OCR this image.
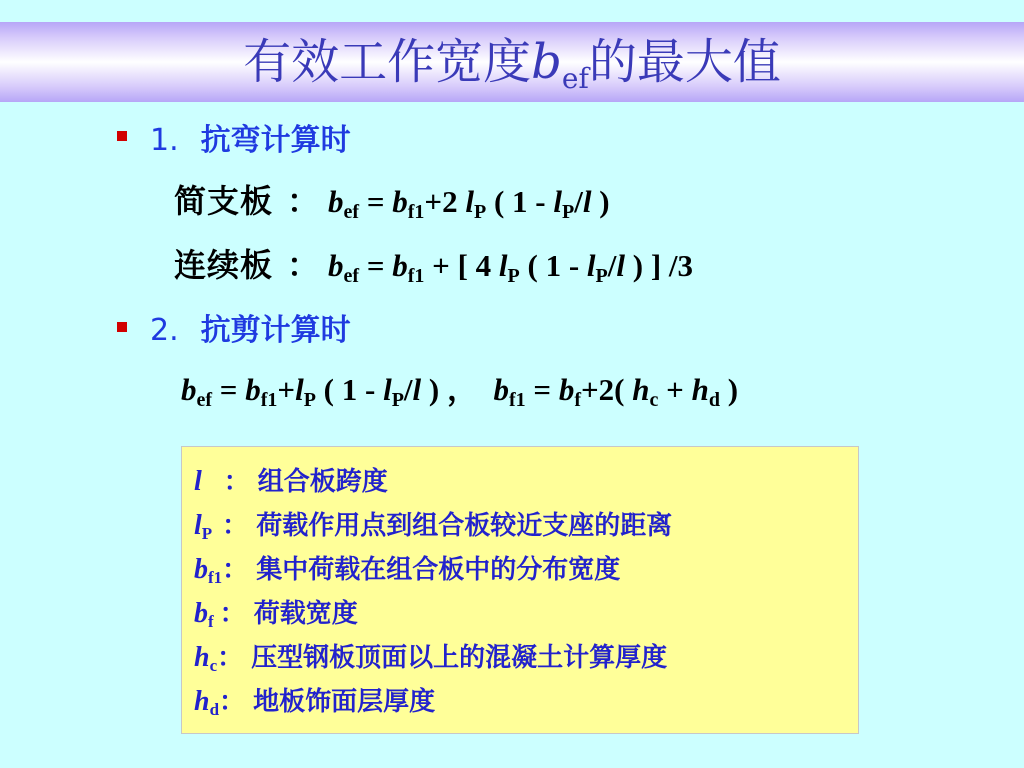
有效工作宽度$b_{ef}$的最大值
1. 抗弯计算时
简支板 ： $b_{ef} = b_{f1}+2$ $l_P$ ( $1 - l_P/l$ )
连续板 ： $b_{ef} = b_{f1}$ + [ 4 $l_P$ ( $1 - l_P/l$ ) ] /3
2. 抗剪计算时
$b_{ef} = b_{f1}+l_P$ ( $1 - l_P/l$ ) ，  $b_{f1} = b_f+2$( $h_c + h_d$ )
l ： 组合板跨度
$l_P$ ： 荷载作用点到组合板较近支座的距离
$b_{f1}$： 集中荷载在组合板中的分布宽度
$b_f$ ： 荷载宽度
$h_c$： 压型钢板顶面以上的混凝土计算厚度
$h_d$： 地板饰面层厚度
